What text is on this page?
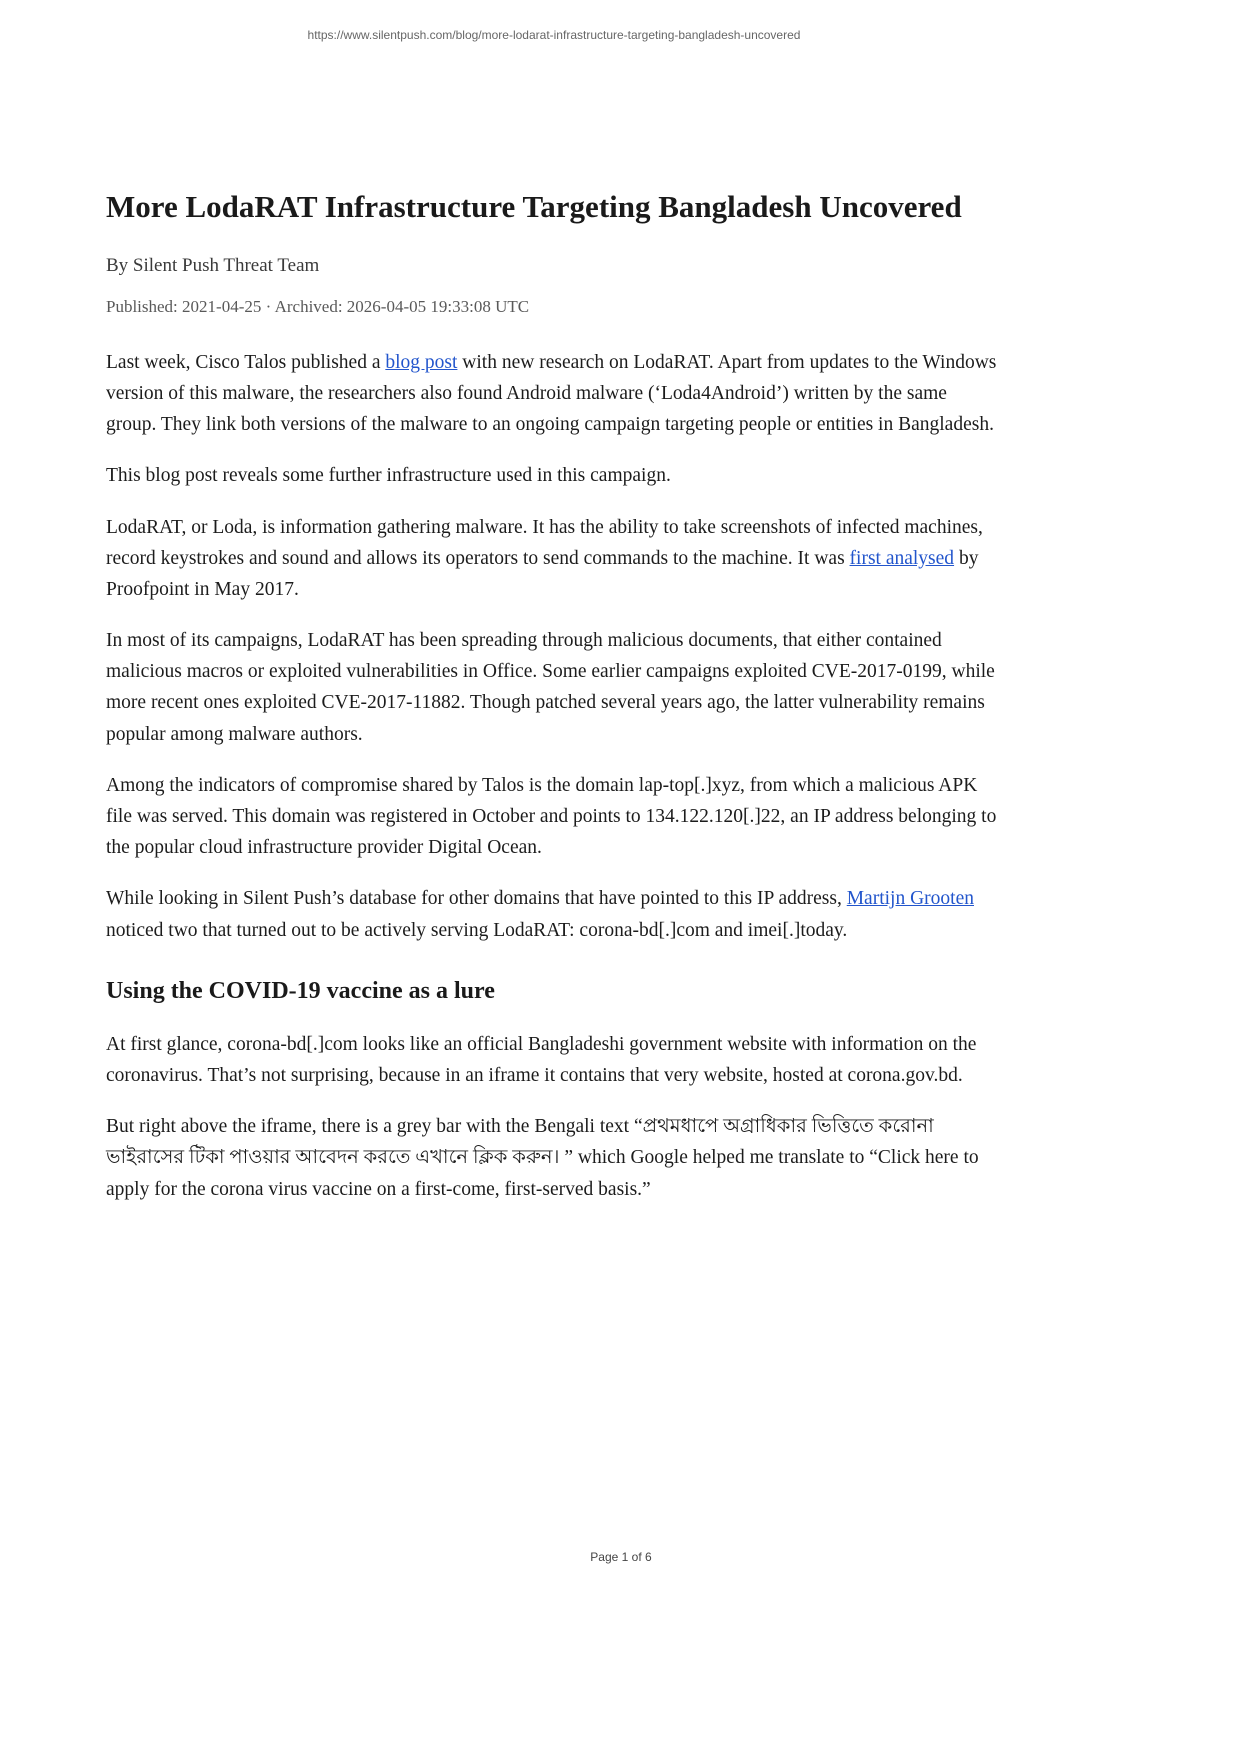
https://www.silentpush.com/blog/more-lodarat-infrastructure-targeting-bangladesh-uncovered
More LodaRAT Infrastructure Targeting Bangladesh Uncovered

By Silent Push Threat Team

Published: 2021-04-25 · Archived: 2026-04-05 19:33:08 UTC

Last week, Cisco Talos published a blog post with new research on LodaRAT. Apart from updates to the Windows version of this malware, the researchers also found Android malware (‘Loda4Android’) written by the same group. They link both versions of the malware to an ongoing campaign targeting people or entities in Bangladesh.

This blog post reveals some further infrastructure used in this campaign.

LodaRAT, or Loda, is information gathering malware. It has the ability to take screenshots of infected machines, record keystrokes and sound and allows its operators to send commands to the machine. It was first analysed by Proofpoint in May 2017.

In most of its campaigns, LodaRAT has been spreading through malicious documents, that either contained malicious macros or exploited vulnerabilities in Office. Some earlier campaigns exploited CVE-2017-0199, while more recent ones exploited CVE-2017-11882. Though patched several years ago, the latter vulnerability remains popular among malware authors.

Among the indicators of compromise shared by Talos is the domain lap-top[.]xyz, from which a malicious APK file was served. This domain was registered in October and points to 134.122.120[.]22, an IP address belonging to the popular cloud infrastructure provider Digital Ocean.

While looking in Silent Push’s database for other domains that have pointed to this IP address, Martijn Grooten noticed two that turned out to be actively serving LodaRAT: corona-bd[.]com and imei[.]today.

Using the COVID-19 vaccine as a lure

At first glance, corona-bd[.]com looks like an official Bangladeshi government website with information on the coronavirus. That’s not surprising, because in an iframe it contains that very website, hosted at corona.gov.bd.

But right above the iframe, there is a grey bar with the Bengali text “প্রথমধাপে অগ্রাধিকার ভিত্তিতে করোনা ভাইরাসের টিকা পাওয়ার আবেদন করতে এখানে ক্লিক করুন। ” which Google helped me translate to “Click here to apply for the corona virus vaccine on a first-come, first-served basis.”

Page 1 of 6
